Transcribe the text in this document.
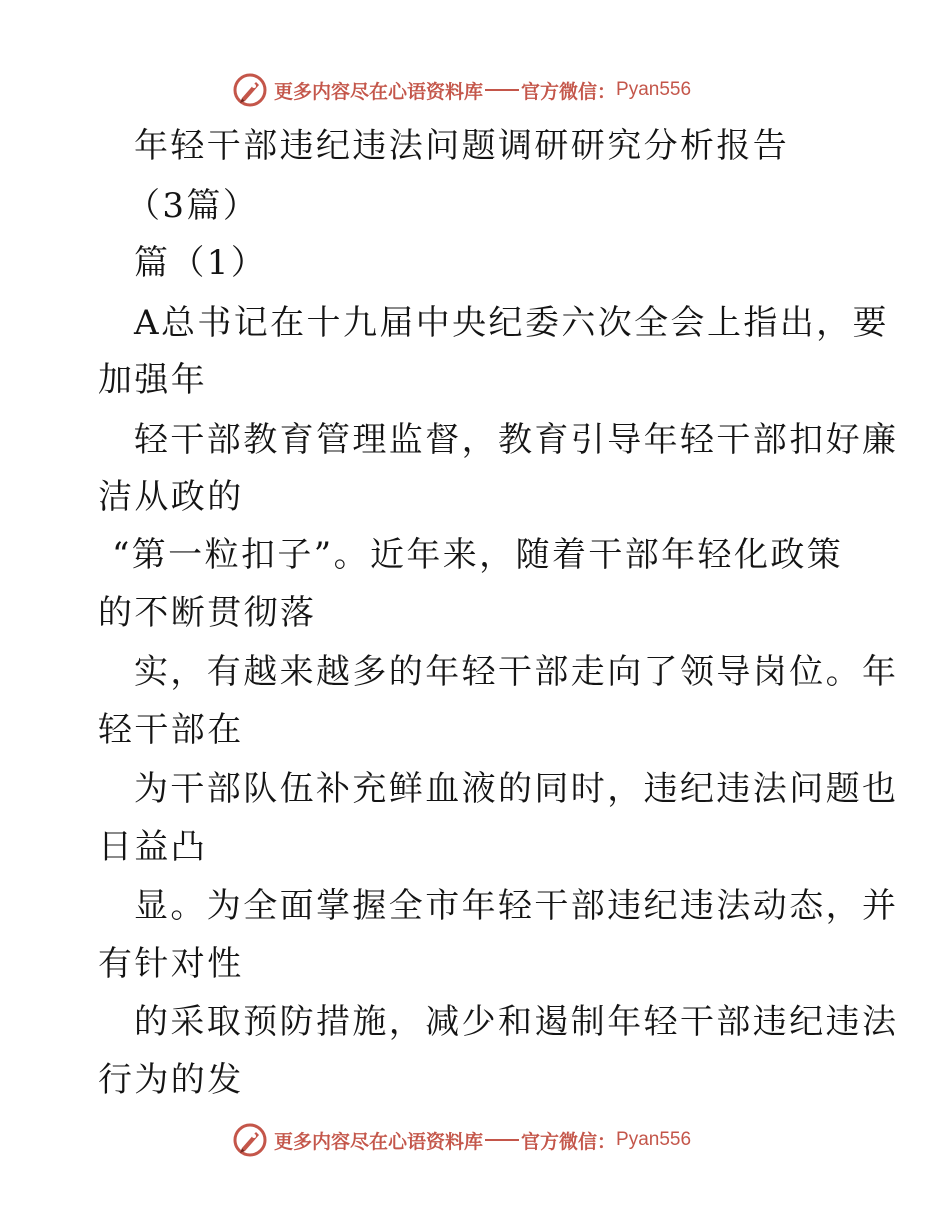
更多内容尽在心语资料库 官方微信： Pyan556
年轻干部违纪违法问题调研研究分析报告
（3篇）
篇（1）
A总书记在十九届中央纪委六次全会上指出，要
加强年
轻干部教育管理监督，教育引导年轻干部扣好廉
洁从政的
“第一粒扣子”。近年来，随着干部年轻化政策
的不断贯彻落
实，有越来越多的年轻干部走向了领导岗位。年
轻干部在
为干部队伍补充鲜血液的同时，违纪违法问题也
日益凸
显。为全面掌握全市年轻干部违纪违法动态，并
有针对性
的采取预防措施，减少和遏制年轻干部违纪违法
行为的发
更多内容尽在心语资料库 官方微信： Pyan556
